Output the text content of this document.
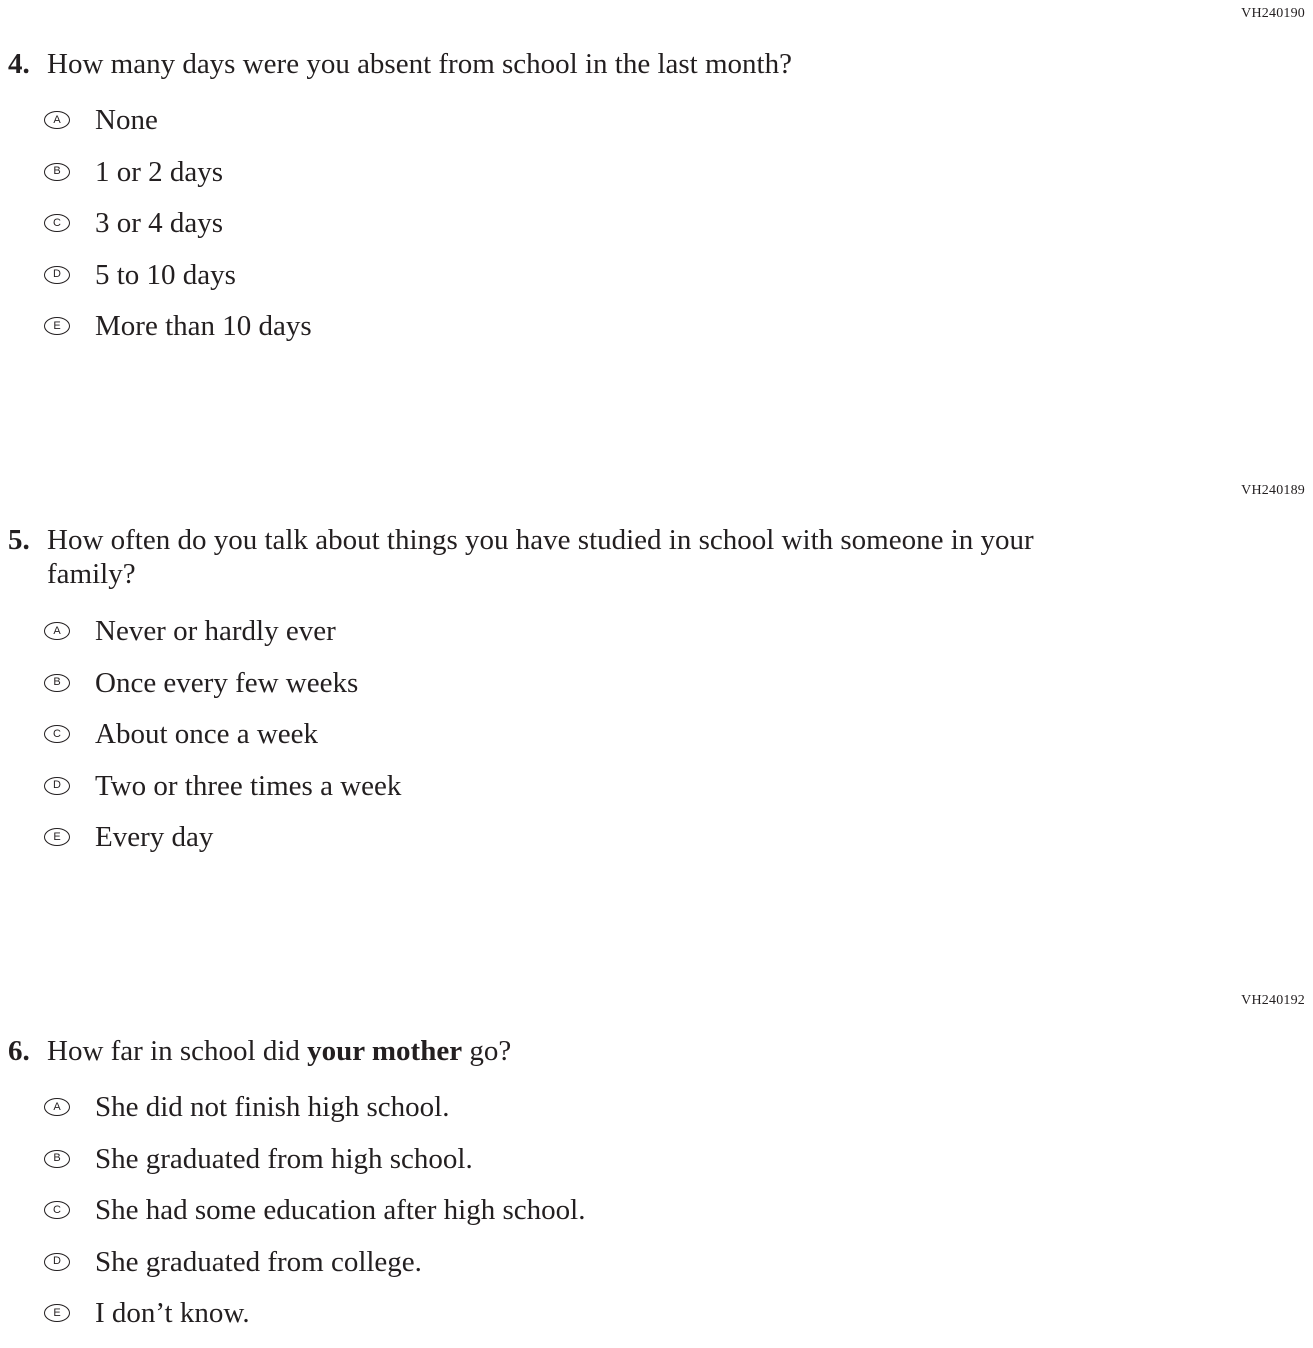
VH240190
4. How many days were you absent from school in the last month?
A	None
B	1 or 2 days
C	3 or 4 days
D	5 to 10 days
E	More than 10 days
VH240189
5. How often do you talk about things you have studied in school with someone in your family?
A	Never or hardly ever
B	Once every few weeks
C	About once a week
D	Two or three times a week
E	Every day
VH240192
6. How far in school did your mother go?
A	She did not finish high school.
B	She graduated from high school.
C	She had some education after high school.
D	She graduated from college.
E	I don’t know.
